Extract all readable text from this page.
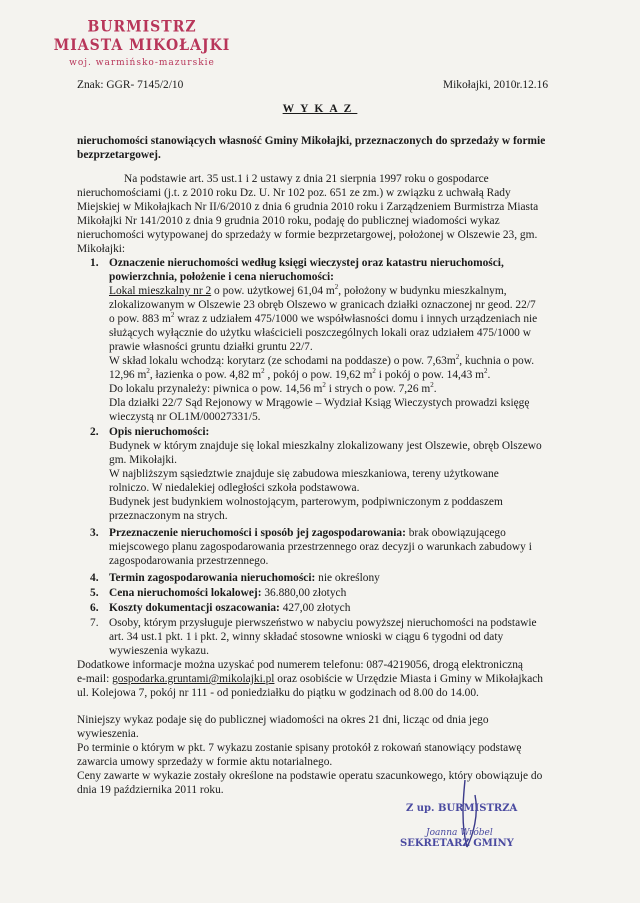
BURMISTRZ MIASTA MIKOŁAJKI
woj. warmińsko-mazurskie
Znak: GGR- 7145/2/10	Mikołajki, 2010r.12.16
WYKAZ
nieruchomości stanowiących własność Gminy Mikołajki, przeznaczonych do sprzedaży w formie
bezprzetargowej.
Na podstawie art. 35 ust.1 i 2 ustawy z dnia 21 sierpnia 1997 roku o gospodarce
nieruchomościami (j.t. z 2010 roku Dz. U. Nr 102 poz. 651 ze zm.) w związku z uchwałą Rady
Miejskiej w Mikołajkach Nr II/6/2010 z dnia 6 grudnia 2010 roku i Zarządzeniem Burmistrza Miasta
Mikołajki Nr 141/2010 z dnia 9 grudnia 2010 roku, podaję do publicznej wiadomości wykaz
nieruchomości wytypowanej do sprzedaży w formie bezprzetargowej, położonej w Olszewie 23, gm.
Mikołajki:
1. Oznaczenie nieruchomości według księgi wieczystej oraz katastru nieruchomości,
powierzchnia, położenie i cena nieruchomości:
Lokal mieszkalny nr 2 o pow. użytkowej 61,04 $m^2$, położony w budynku mieszkalnym,
zlokalizowanym w Olszewie 23 obręb Olszewo w granicach działki oznaczonej nr geod. 22/7
o pow. 883 $m^2$ wraz z udziałem 475/1000 we współwłasności domu i innych urządzeniach nie
służących wyłącznie do użytku właścicieli poszczególnych lokali oraz udziałem 475/1000 w
prawie własności gruntu działki gruntu 22/7.
W skład lokalu wchodzą: korytarz (ze schodami na poddasze) o pow. $7,63m^2$, kuchnia o pow.
12,96 $m^2$, łazienka o pow. 4,82 $m^2$ , pokój o pow. 19,62 $m^2$ i pokój o pow. 14,43 $m^2$.
Do lokalu przynależy: piwnica o pow. 14,56 $m^2$ i strych o pow. 7,26 $m^2$.
Dla działki 22/7 Sąd Rejonowy w Mrągowie – Wydział Ksiąg Wieczystych prowadzi księgę
wieczystą nr OL1M/00027331/5.
2. Opis nieruchomości:
Budynek w którym znajduje się lokal mieszkalny zlokalizowany jest Olszewie, obręb Olszewo
gm. Mikołajki.
W najbliższym sąsiedztwie znajduje się zabudowa mieszkaniowa, tereny użytkowane
rolniczo. W niedalekiej odległości szkoła podstawowa.
Budynek jest budynkiem wolnostojącym, parterowym, podpiwniczonym z poddaszem
przeznaczonym na strych.
3. Przeznaczenie nieruchomości i sposób jej zagospodarowania: brak obowiązującego
miejscowego planu zagospodarowania przestrzennego oraz decyzji o warunkach zabudowy i
zagospodarowania przestrzennego.
4. Termin zagospodarowania nieruchomości: nie określony
5. Cena nieruchomości lokalowej: 36.880,00 złotych
6. Koszty dokumentacji oszacowania: 427,00 złotych
7. Osoby, którym przysługuje pierwszeństwo w nabyciu powyższej nieruchomości na podstawie
art. 34 ust.1 pkt. 1 i pkt. 2, winny składać stosowne wnioski w ciągu 6 tygodni od daty
wywieszenia wykazu.
Dodatkowe informacje można uzyskać pod numerem telefonu: 087-4219056, drogą elektroniczną
e-mail: gospodarka.gruntami@mikolajki.pl oraz osobiście w Urzędzie Miasta i Gminy w Mikołajkach
ul. Kolejowa 7, pokój nr 111 - od poniedziałku do piątku w godzinach od 8.00 do 14.00.
Niniejszy wykaz podaje się do publicznej wiadomości na okres 21 dni, licząc od dnia jego
wywieszenia.
Po terminie o którym w pkt. 7 wykazu zostanie spisany protokół z rokowań stanowiący podstawę
zawarcia umowy sprzedaży w formie aktu notarialnego.
Ceny zawarte w wykazie zostały określone na podstawie operatu szacunkowego, który obowiązuje do
dnia 19 października 2011 roku.
Z up. BURMISTRZA
Joanna Wróbel
SEKRETARZ GMINY
